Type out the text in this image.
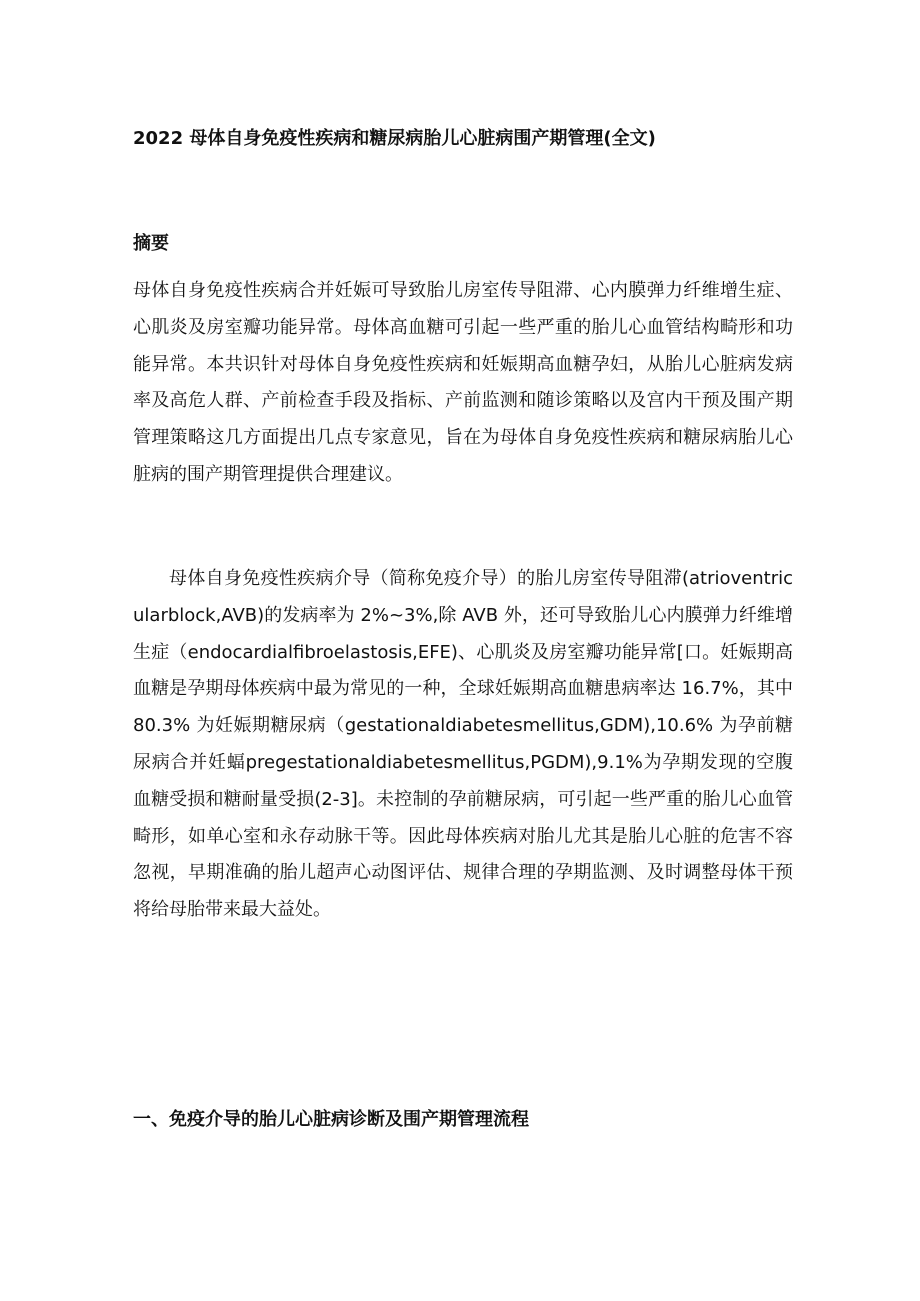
2022 母体自身免疫性疾病和糖尿病胎儿心脏病围产期管理(全文)
摘要
母体自身免疫性疾病合并妊娠可导致胎儿房室传导阻滞、心内膜弹力纤维增生症、心肌炎及房室瓣功能异常。母体高血糖可引起一些严重的胎儿心血管结构畸形和功能异常。本共识针对母体自身免疫性疾病和妊娠期高血糖孕妇，从胎儿心脏病发病率及高危人群、产前检查手段及指标、产前监测和随诊策略以及宫内干预及围产期管理策略这几方面提出几点专家意见，旨在为母体自身免疫性疾病和糖尿病胎儿心脏病的围产期管理提供合理建议。
母体自身免疫性疾病介导（简称免疫介导）的胎儿房室传导阻滞(atrioventricularblock,AVB)的发病率为 2%~3%,除 AVB 外，还可导致胎儿心内膜弹力纤维增生症（endocardialfibroelastosis,EFE)、心肌炎及房室瓣功能异常[口。妊娠期高血糖是孕期母体疾病中最为常见的一种，全球妊娠期高血糖患病率达 16.7%，其中 80.3% 为妊娠期糖尿病（gestationaldiabetesmellitus,GDM),10.6% 为孕前糖尿病合并妊蝠pregestationaldiabetesmellitus,PGDM),9.1%为孕期发现的空腹血糖受损和糖耐量受损(2-3]。未控制的孕前糖尿病，可引起一些严重的胎儿心血管畸形，如单心室和永存动脉干等。因此母体疾病对胎儿尤其是胎儿心脏的危害不容忽视，早期准确的胎儿超声心动图评估、规律合理的孕期监测、及时调整母体干预将给母胎带来最大益处。
一、免疫介导的胎儿心脏病诊断及围产期管理流程
